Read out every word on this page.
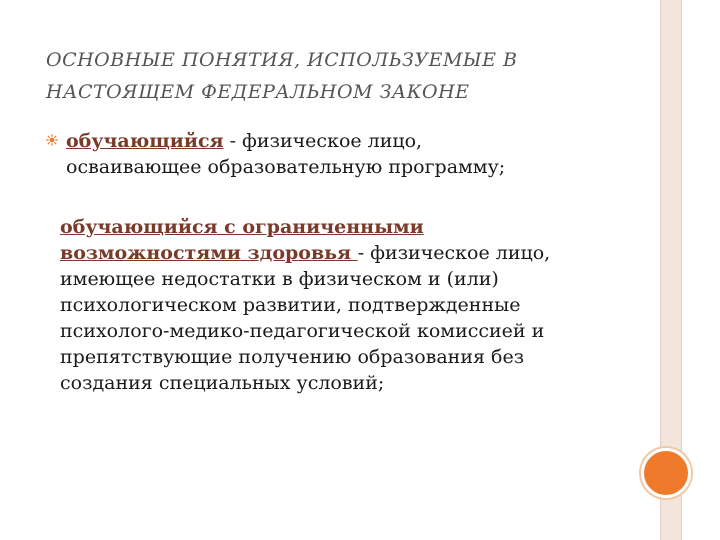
ОСНОВНЫЕ ПОНЯТИЯ, ИСПОЛЬЗУЕМЫЕ В
НАСТОЯЩЕМ ФЕДЕРАЛЬНОМ ЗАКОНЕ
обучающийся - физическое лицо,
осваивающее образовательную программу;
обучающийся с ограниченными
возможностями здоровья - физическое лицо,
имеющее недостатки в физическом и (или)
психологическом развитии, подтвержденные
психолого-медико-педагогической комиссией и
препятствующие получению образования без
создания специальных условий;
